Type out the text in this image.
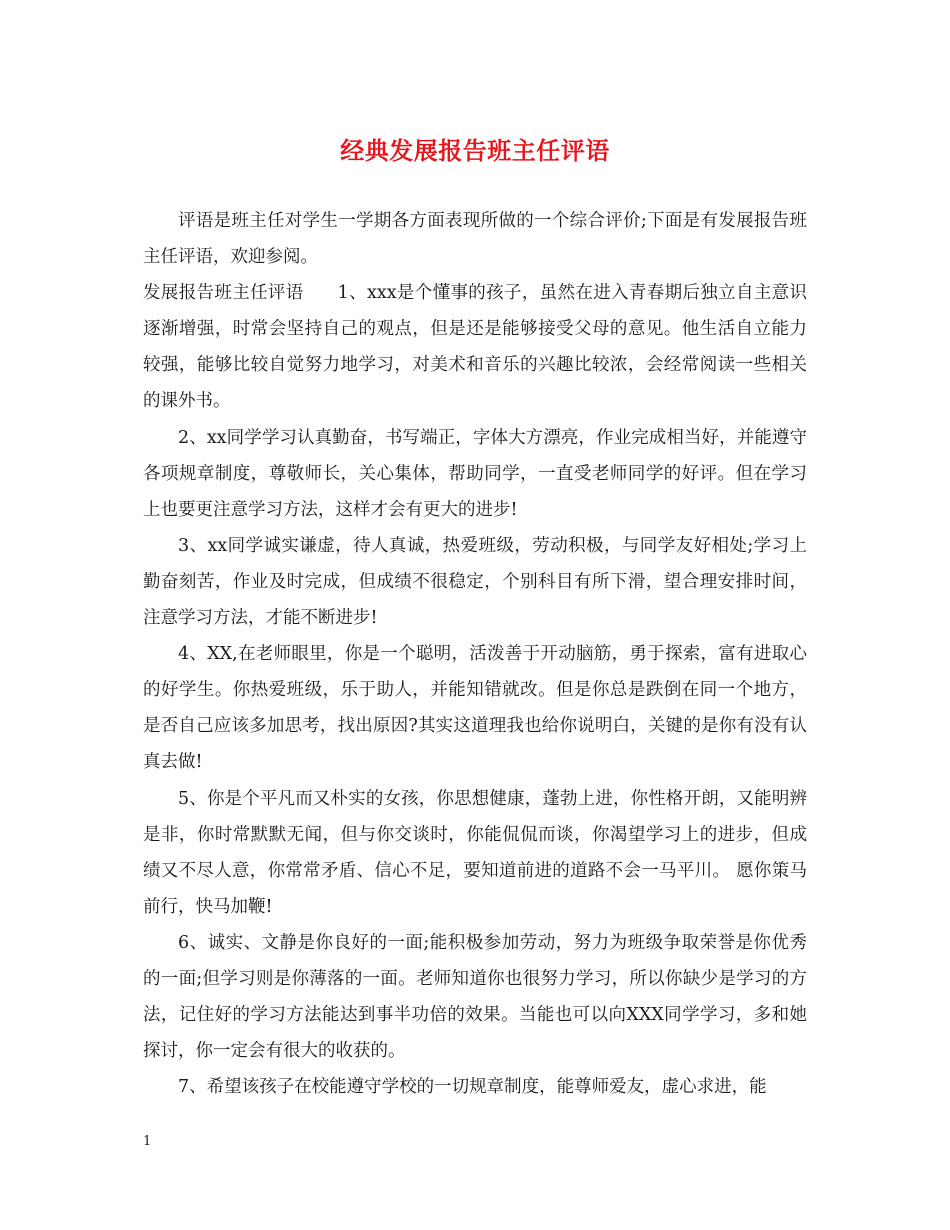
经典发展报告班主任评语

评语是班主任对学生一学期各方面表现所做的一个综合评价;下面是有发展报告班主任评语，欢迎参阅。

发展报告班主任评语 1、xxx是个懂事的孩子，虽然在进入青春期后独立自主意识逐渐增强，时常会坚持自己的观点，但是还是能够接受父母的意见。他生活自立能力较强，能够比较自觉努力地学习，对美术和音乐的兴趣比较浓，会经常阅读一些相关的课外书。

2、xx同学学习认真勤奋，书写端正，字体大方漂亮，作业完成相当好，并能遵守各项规章制度，尊敬师长，关心集体，帮助同学，一直受老师同学的好评。但在学习上也要更注意学习方法，这样才会有更大的进步!

3、xx同学诚实谦虚，待人真诚，热爱班级，劳动积极，与同学友好相处;学习上勤奋刻苦，作业及时完成，但成绩不很稳定，个别科目有所下滑，望合理安排时间，注意学习方法，才能不断进步!

4、XX,在老师眼里，你是一个聪明，活泼善于开动脑筋，勇于探索，富有进取心的好学生。你热爱班级，乐于助人，并能知错就改。但是你总是跌倒在同一个地方，是否自己应该多加思考，找出原因?其实这道理我也给你说明白，关键的是你有没有认真去做!

5、你是个平凡而又朴实的女孩，你思想健康，蓬勃上进，你性格开朗，又能明辨是非，你时常默默无闻，但与你交谈时，你能侃侃而谈，你渴望学习上的进步，但成绩又不尽人意，你常常矛盾、信心不足，要知道前进的道路不会一马平川。 愿你策马前行，快马加鞭!

6、诚实、文静是你良好的一面;能积极参加劳动，努力为班级争取荣誉是你优秀的一面;但学习则是你薄落的一面。老师知道你也很努力学习，所以你缺少是学习的方法，记住好的学习方法能达到事半功倍的效果。当能也可以向XXX同学学习，多和她探讨，你一定会有很大的收获的。

7、希望该孩子在校能遵守学校的一切规章制度，能尊师爱友，虚心求进，能

1
